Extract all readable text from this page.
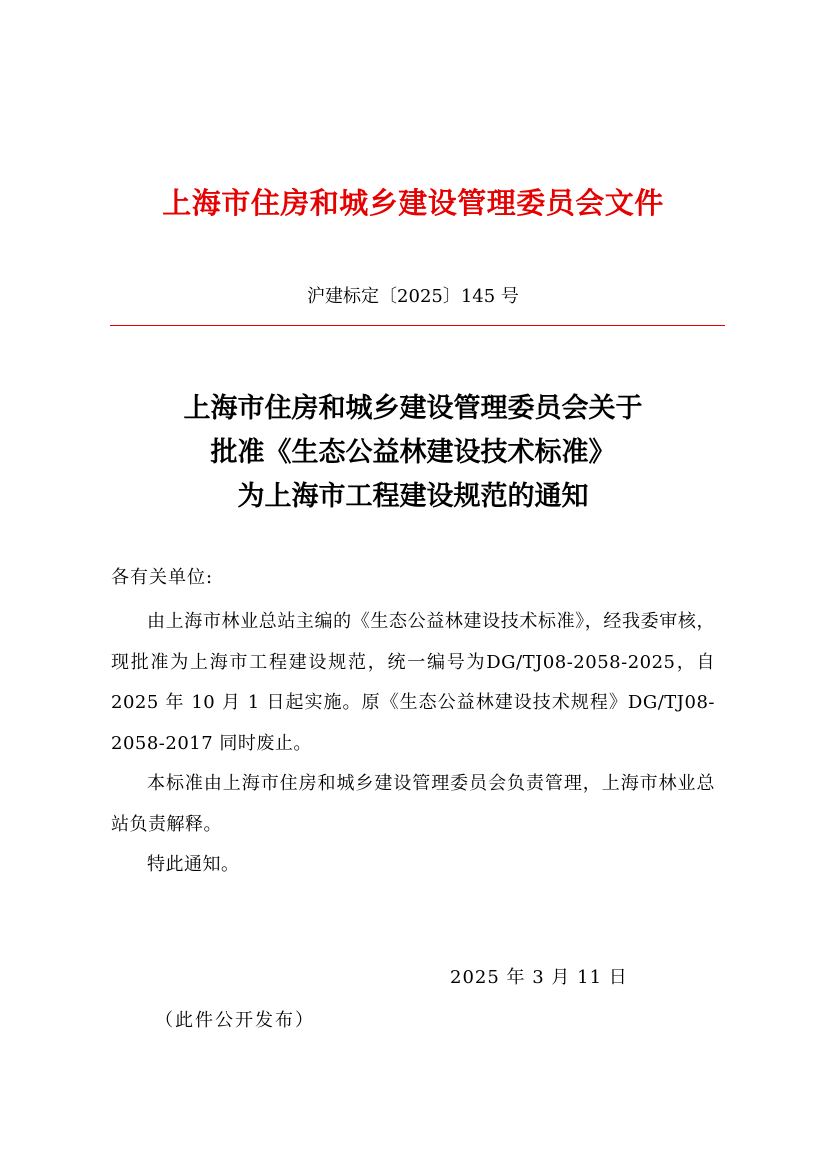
上海市住房和城乡建设管理委员会文件
沪建标定〔2025〕145 号
上海市住房和城乡建设管理委员会关于
批准《生态公益林建设技术标准》
为上海市工程建设规范的通知
各有关单位:

由上海市林业总站主编的《生态公益林建设技术标准》，经我委审核，现批准为上海市工程建设规范，统一编号为DG/TJ08-2058-2025，自 2025 年 10 月 1 日起实施。原《生态公益林建设技术规程》DG/TJ08-2058-2017 同时废止。

本标准由上海市住房和城乡建设管理委员会负责管理，上海市林业总站负责解释。

特此通知。

2025 年 3 月 11 日
（此件公开发布）
